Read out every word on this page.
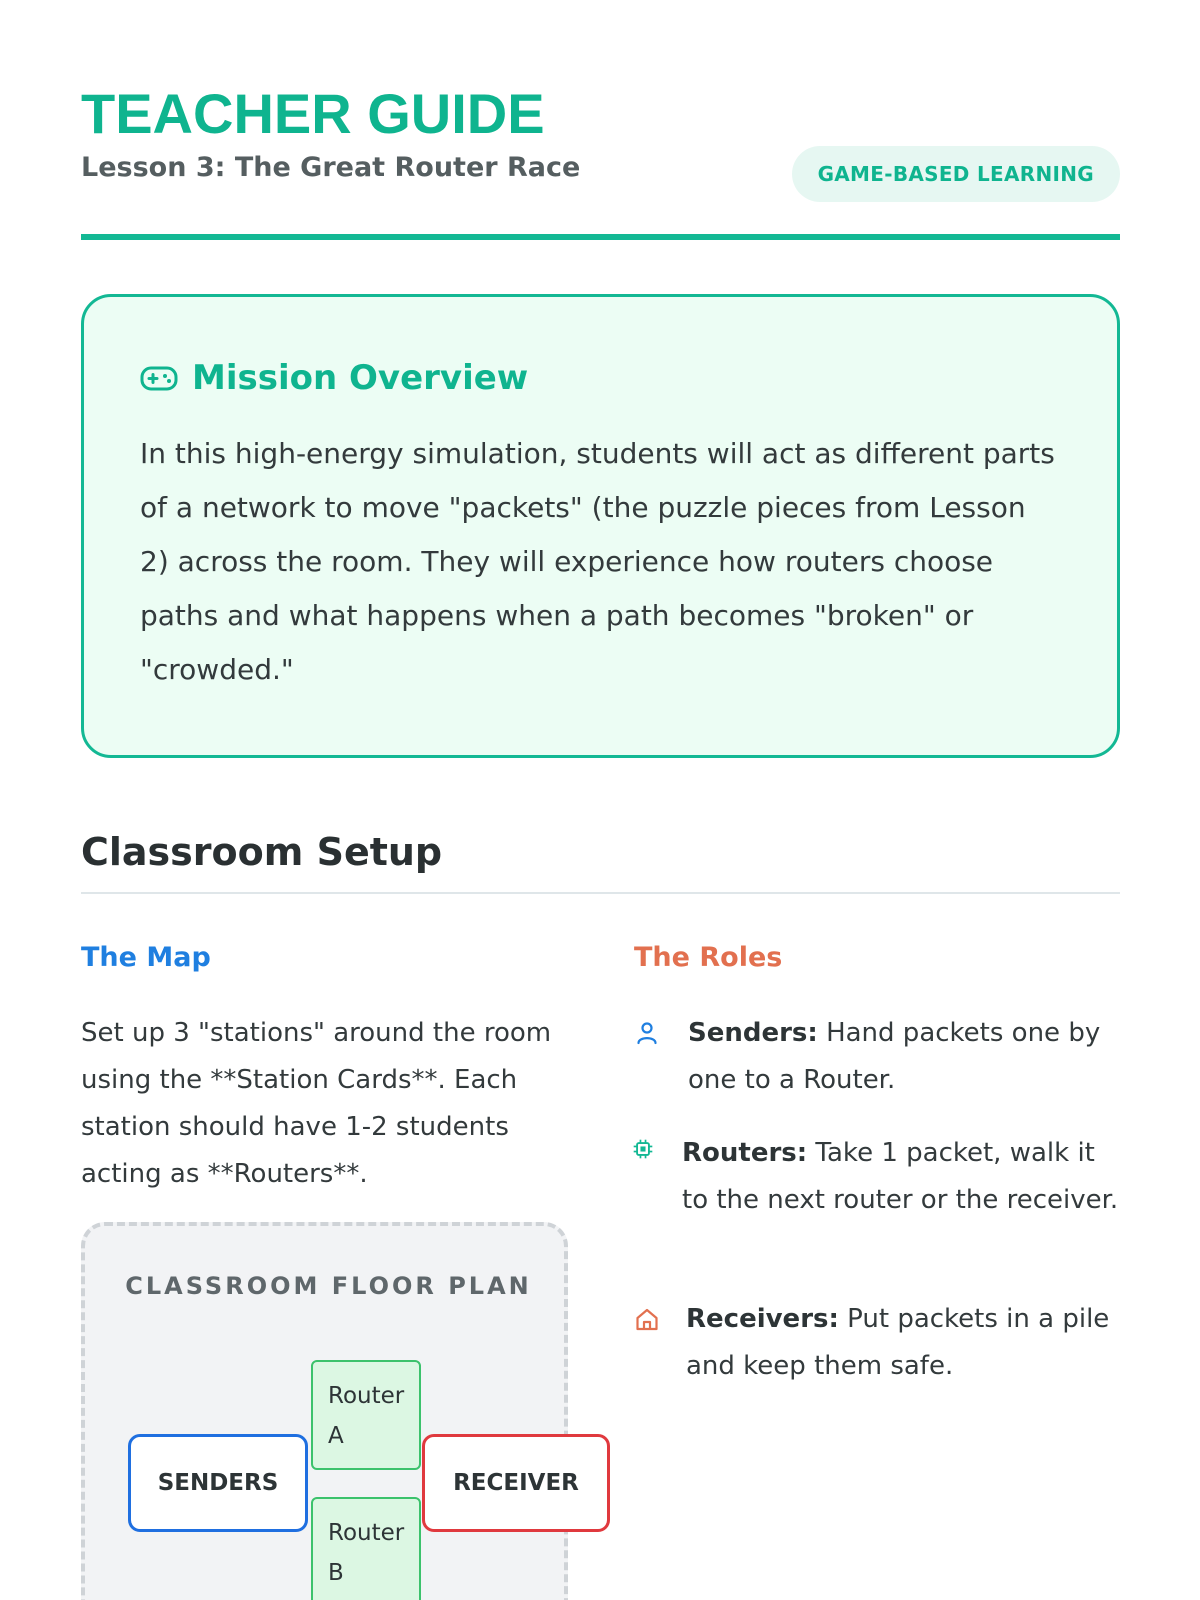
TEACHER GUIDE
Lesson 3: The Great Router Race	GAME-BASED LEARNING
Mission Overview
In this high-energy simulation, students will act as different parts of a network to move "packets" (the puzzle pieces from Lesson 2) across the room. They will experience how routers choose paths and what happens when a path becomes "broken" or "crowded."
Classroom Setup
The Map
Set up 3 "stations" around the room using the **Station Cards**. Each station should have 1-2 students acting as **Routers**.
CLASSROOM FLOOR PLAN
SENDERS
Router A
Router B
RECEIVER
The Roles
Senders: Hand packets one by one to a Router.
Routers: Take 1 packet, walk it to the next router or the receiver.
Receivers: Put packets in a pile and keep them safe.
